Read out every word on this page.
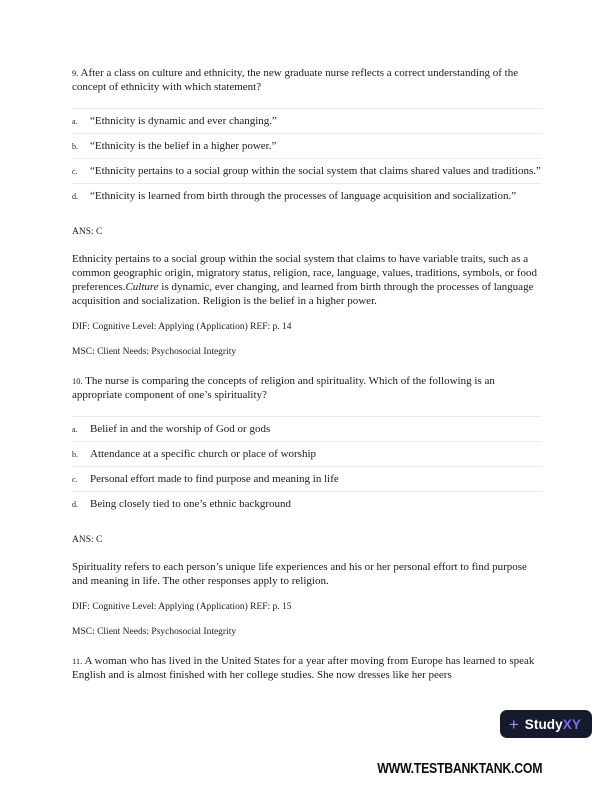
9. After a class on culture and ethnicity, the new graduate nurse reflects a correct understanding of the concept of ethnicity with which statement?
a.	“Ethnicity is dynamic and ever changing.”
b.	“Ethnicity is the belief in a higher power.”
c.	“Ethnicity pertains to a social group within the social system that claims shared values and traditions.”
d.	“Ethnicity is learned from birth through the processes of language acquisition and socialization.”
ANS: C
Ethnicity pertains to a social group within the social system that claims to have variable traits, such as a common geographic origin, migratory status, religion, race, language, values, traditions, symbols, or food preferences.Culture is dynamic, ever changing, and learned from birth through the processes of language acquisition and socialization. Religion is the belief in a higher power.
DIF: Cognitive Level: Applying (Application) REF: p. 14
MSC: Client Needs: Psychosocial Integrity
10. The nurse is comparing the concepts of religion and spirituality. Which of the following is an appropriate component of one’s spirituality?
a.	Belief in and the worship of God or gods
b.	Attendance at a specific church or place of worship
c.	Personal effort made to find purpose and meaning in life
d.	Being closely tied to one’s ethnic background
ANS: C
Spirituality refers to each person’s unique life experiences and his or her personal effort to find purpose and meaning in life. The other responses apply to religion.
DIF: Cognitive Level: Applying (Application) REF: p. 15
MSC: Client Needs: Psychosocial Integrity
11. A woman who has lived in the United States for a year after moving from Europe has learned to speak English and is almost finished with her college studies. She now dresses like her peers
+ Study XY
WWW.TESTBANKTANK.COM
